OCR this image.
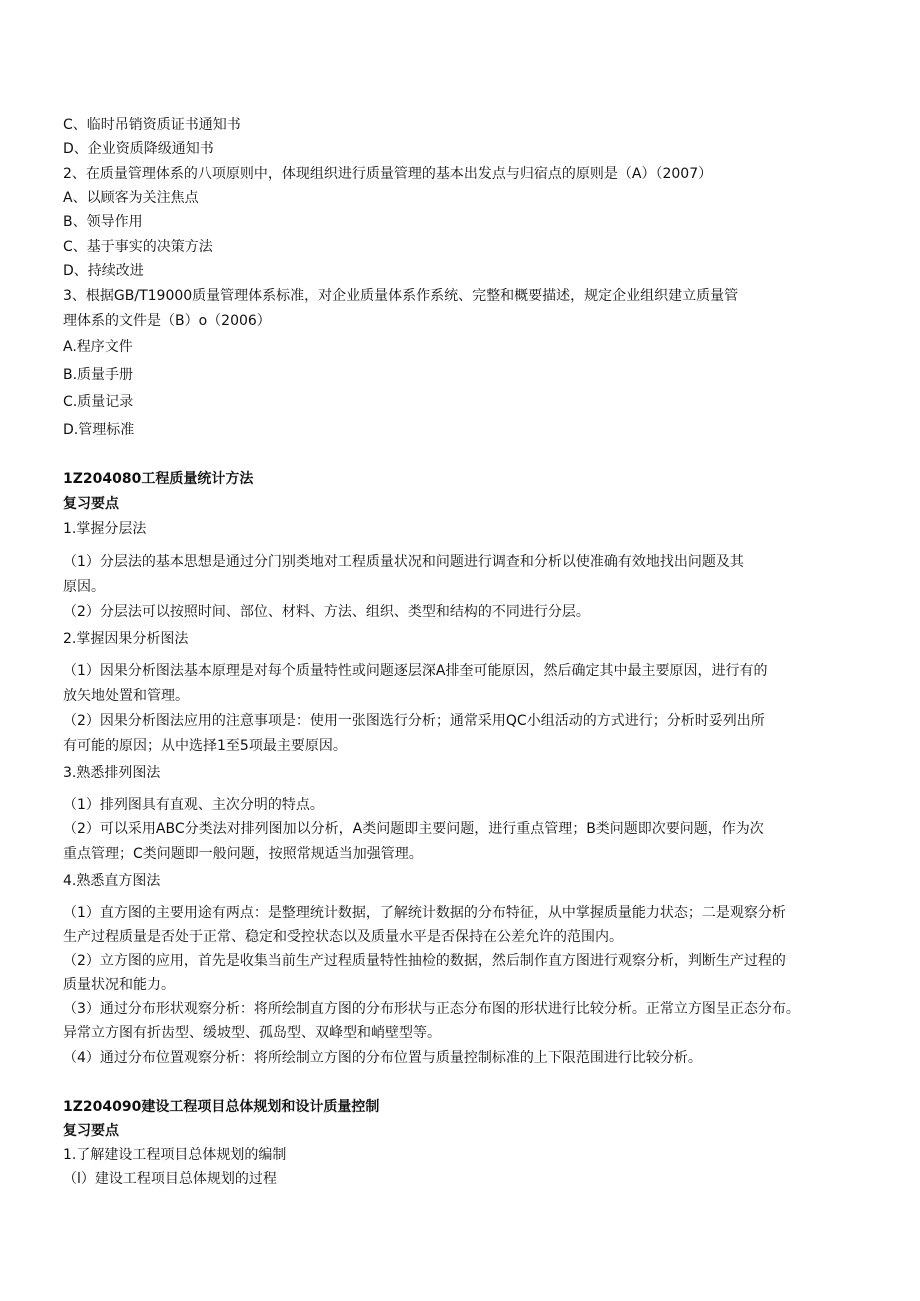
C、临时吊销资质证书通知书
D、企业资质降级通知书
2、在质量管理体系的八项原则中，体现组织进行质量管理的基本出发点与归宿点的原则是（A）（2007）
A、以顾客为关注焦点
B、领导作用
C、基于事实的决策方法
D、持续改进
3、根据GB/T19000质量管理体系标准，对企业质量体系作系统、完整和概要描述，规定企业组织建立质量管
理体系的文件是（B）o（2006）
A.程序文件
B.质量手册
C.质量记录
D.管理标准
1Z204080工程质量统计方法
复习要点
1.掌握分层法
（1）分层法的基本思想是通过分门别类地对工程质量状况和问题进行调查和分析以使准确有效地找出问题及其
原因。
（2）分层法可以按照时间、部位、材料、方法、组织、类型和结构的不同进行分层。
2.掌握因果分析图法
（1）因果分析图法基本原理是对每个质量特性或问题逐层深A排奎可能原因，然后确定其中最主要原因，进行有的
放矢地处置和管理。
（2）因果分析图法应用的注意事项是：使用一张图选行分析；通常采用QC小组活动的方式进行；分析时妥列出所
有可能的原因；从中选择1至5项最主要原因。
3.熟悉排列图法
（1）排列图具有直观、主次分明的特点。
（2）可以采用ABC分类法对排列图加以分析，A类问题即主要问题，进行重点管理；B类问题即次要问题，作为次
重点管理；C类问题即一般问题，按照常规适当加强管理。
4.熟悉直方图法
（1）直方图的主要用途有两点：是整理统计数据，了解统计数据的分布特征，从中掌握质量能力状态；二是观察分析
生产过程质量是否处于正常、稳定和受控状态以及质量水平是否保持在公差允许的范围内。
（2）立方图的应用，首先是收集当前生产过程质量特性抽检的数据，然后制作直方图进行观察分析，判断生产过程的
质量状况和能力。
（3）通过分布形状观察分析：将所绘制直方图的分布形状与正态分布图的形状进行比较分析。正常立方图呈正态分布。
异常立方图有折齿型、缓坡型、孤岛型、双峰型和峭壁型等。
（4）通过分布位置观察分析：将所绘制立方图的分布位置与质量控制标准的上下限范围进行比较分析。
1Z204090建设工程项目总体规划和设计质量控制
复习要点
1.了解建设工程项目总体规划的编制
（l）建设工程项目总体规划的过程
